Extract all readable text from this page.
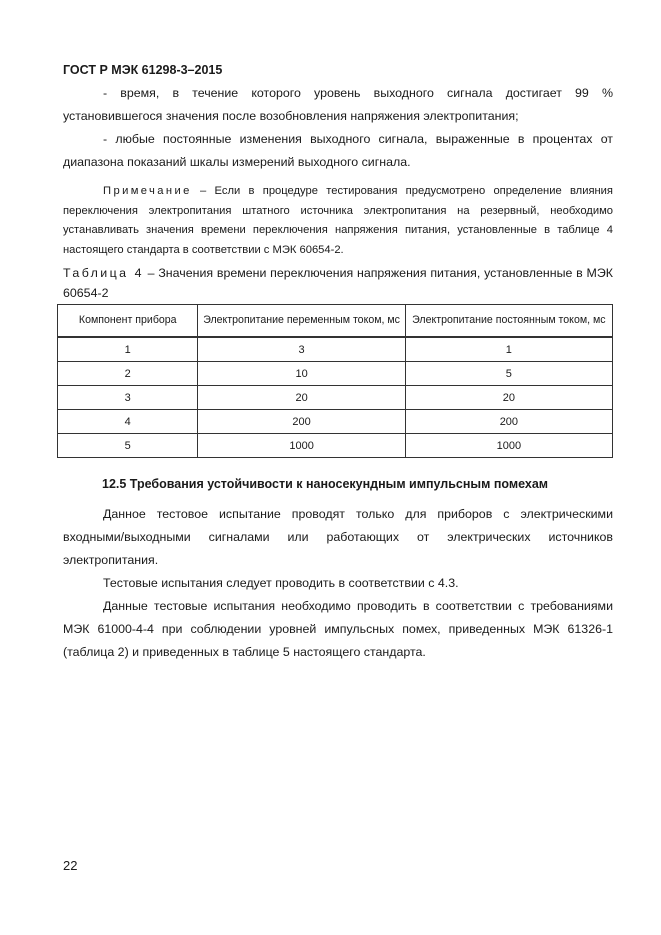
ГОСТ Р МЭК 61298-3–2015

- время, в течение которого уровень выходного сигнала достигает 99 % установившегося значения после возобновления напряжения электропитания;

- любые постоянные изменения выходного сигнала, выраженные в процентах от диапазона показаний шкалы измерений выходного сигнала.

Примечание – Если в процедуре тестирования предусмотрено определение влияния переключения электропитания штатного источника электропитания на резервный, необходимо устанавливать значения времени переключения напряжения питания, установленные в таблице 4 настоящего стандарта в соответствии с МЭК 60654-2.

Таблица 4 – Значения времени переключения напряжения питания, установленные в МЭК 60654-2

Компонент прибора	Электропитание переменным током, мс	Электропитание постоянным током, мс
1	3	1
2	10	5
3	20	20
4	200	200
5	1000	1000
12.5 Требования устойчивости к наносекундным импульсным помехам

Данное тестовое испытание проводят только для приборов с электрическими входными/выходными сигналами или работающих от электрических источников электропитания.

Тестовые испытания следует проводить в соответствии с 4.3.

Данные тестовые испытания необходимо проводить в соответствии с требованиями МЭК 61000-4-4 при соблюдении уровней импульсных помех, приведенных МЭК 61326-1 (таблица 2) и приведенных в таблице 5 настоящего стандарта.

22
